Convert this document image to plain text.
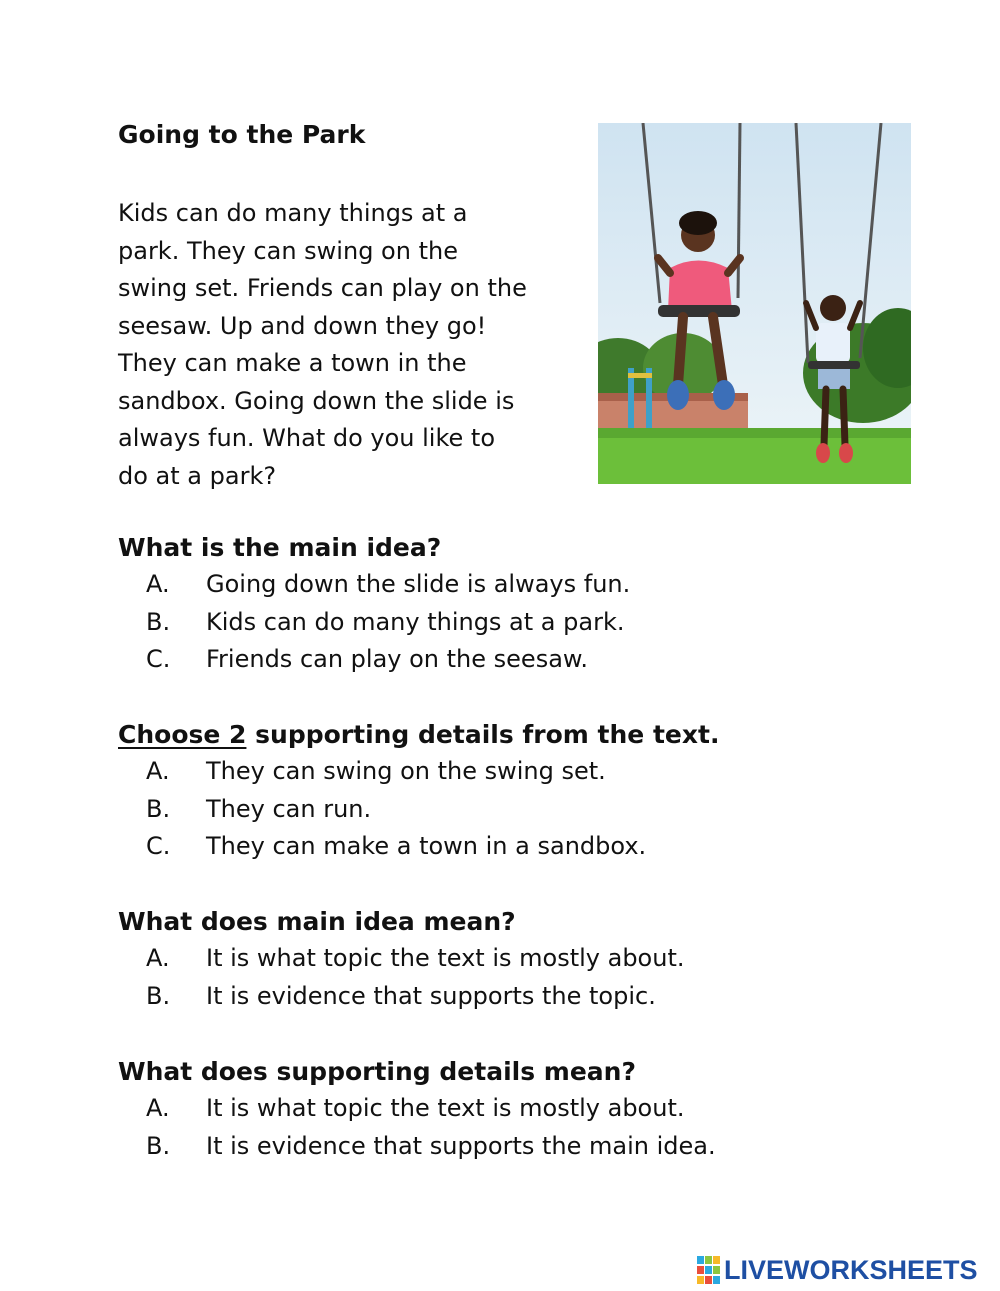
Going to the Park
Kids can do many things at a
park. They can swing on the
swing set. Friends can play on the
seesaw. Up and down they go!
They can make a town in the
sandbox. Going down the slide is
always fun. What do you like to
do at a park?
What is the main idea?
A. Going down the slide is always fun.
B. Kids can do many things at a park.
C. Friends can play on the seesaw.
Choose 2 supporting details from the text.
A. They can swing on the swing set.
B. They can run.
C. They can make a town in a sandbox.
What does main idea mean?
A. It is what topic the text is mostly about.
B. It is evidence that supports the topic.
What does supporting details mean?
A. It is what topic the text is mostly about.
B. It is evidence that supports the main idea.
LIVEWORKSHEETS
